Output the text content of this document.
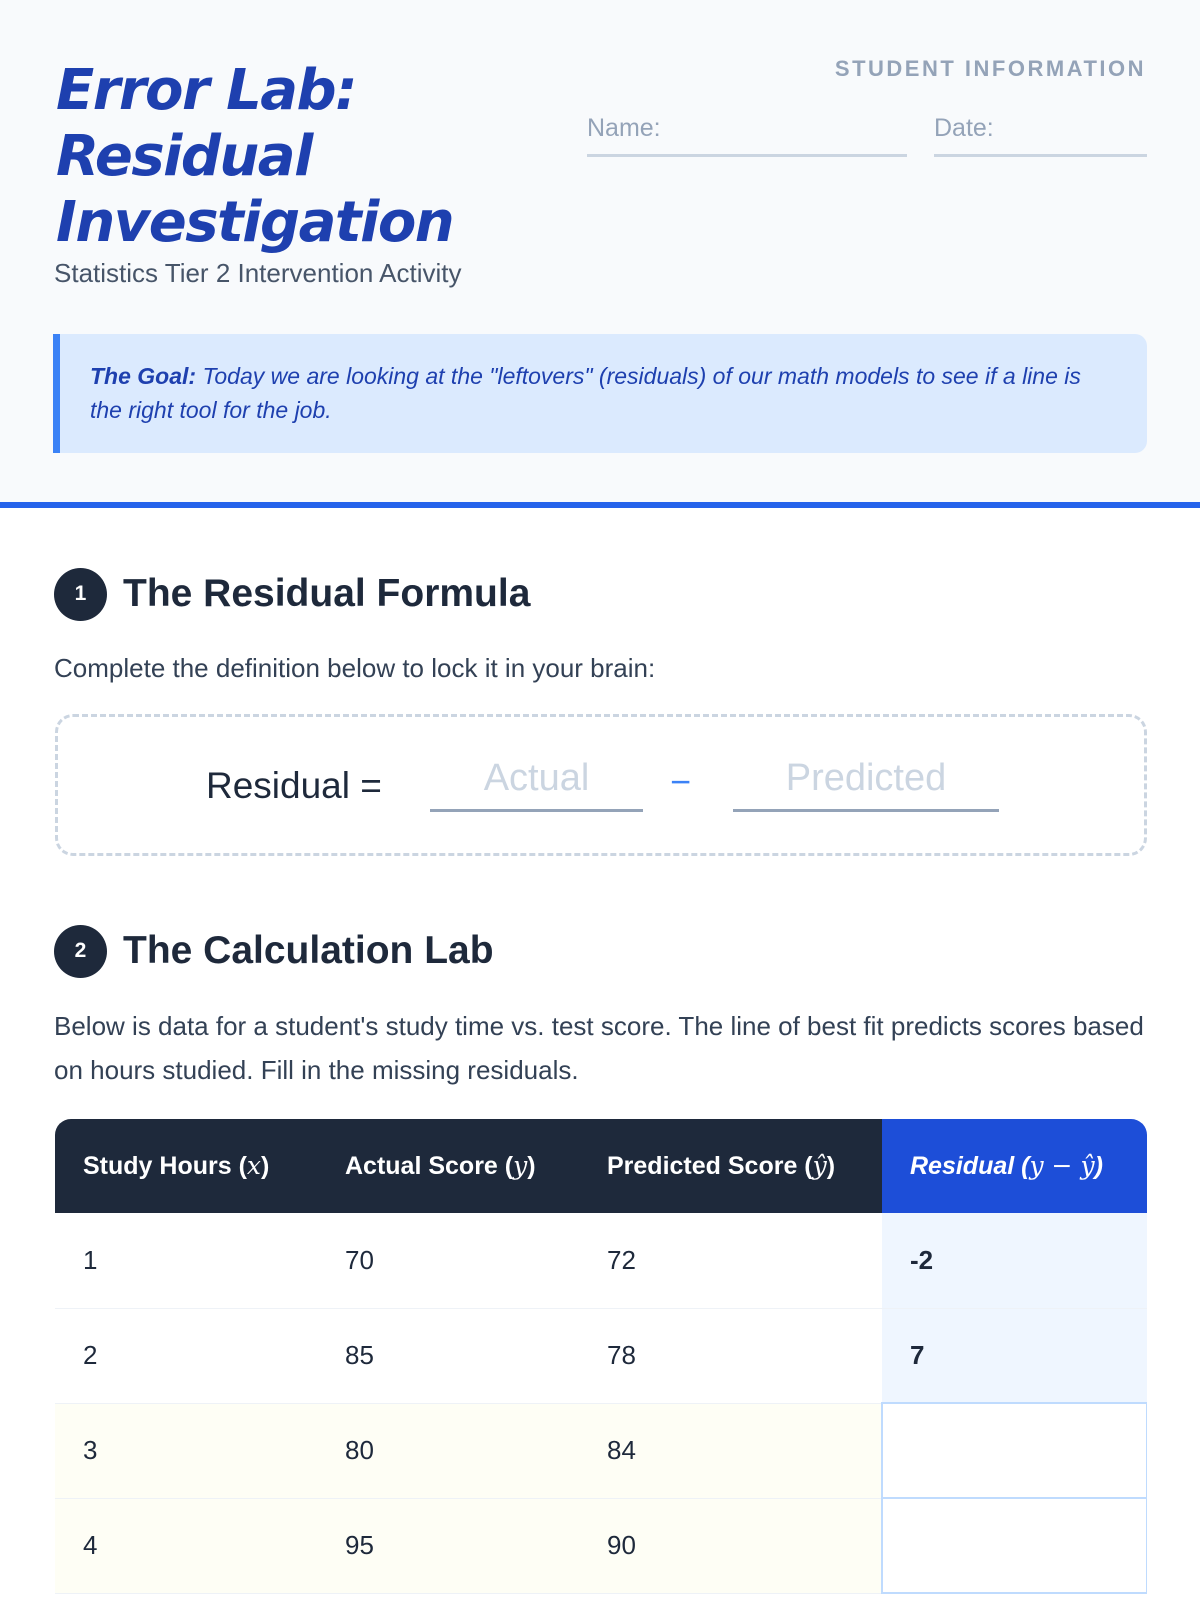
Error Lab:
Residual
Investigation
Statistics Tier 2 Intervention Activity
STUDENT INFORMATION
Name:	Date:
The Goal: Today we are looking at the "leftovers" (residuals) of our math models to see if a line is the right tool for the job.
1 The Residual Formula
Complete the definition below to lock it in your brain:
Residual =	Actual	−	Predicted
2 The Calculation Lab
Below is data for a student's study time vs. test score. The line of best fit predicts scores based on hours studied. Fill in the missing residuals.
Study Hours (x)	Actual Score (y)	Predicted Score (ŷ)	Residual (y − ŷ)
1	70	72	-2
2	85	78	7
3	80	84	
4	95	90	
